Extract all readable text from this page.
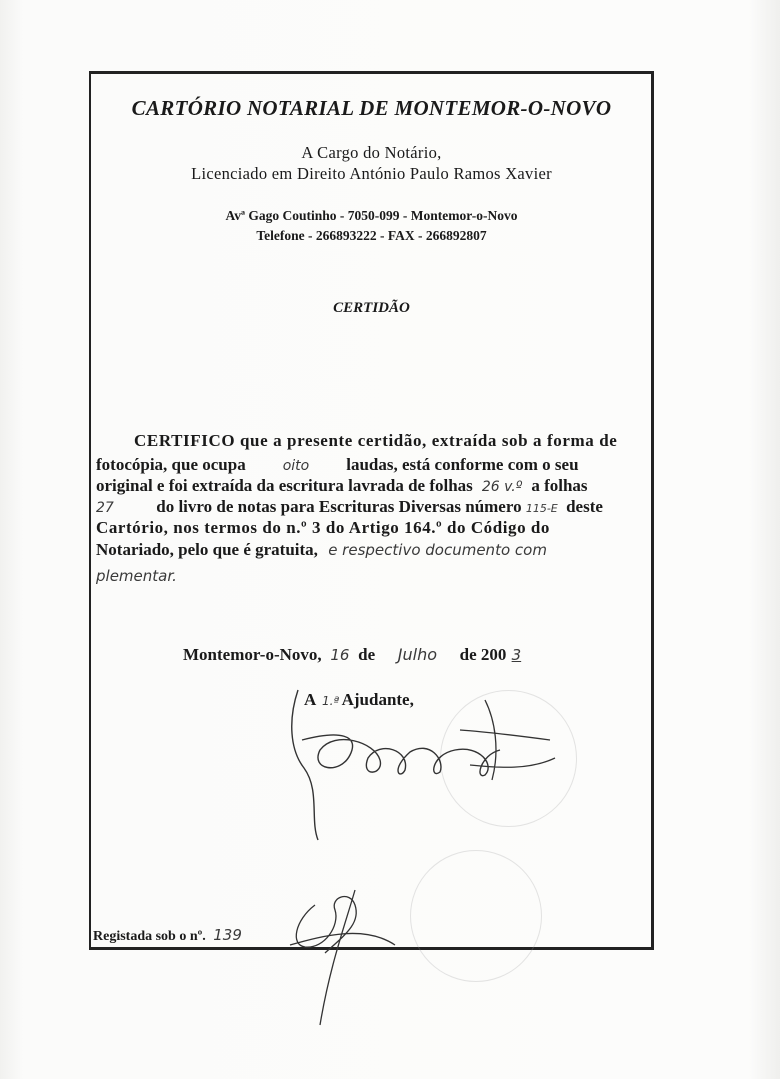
CARTÓRIO NOTARIAL DE MONTEMOR-O-NOVO
A Cargo do Notário,
Licenciado em Direito António Paulo Ramos Xavier
Avª Gago Coutinho - 7050-099 - Montemor-o-Novo
Telefone - 266893222 - FAX - 266892807
CERTIDÃO
CERTIFICO que a presente certidão, extraída sob a forma de
fotocópia, que ocupa	oito laudas, está conforme com o seu
original e foi extraída da escritura lavrada de folhas 26 v.º a folhas
27 do livro de notas para Escrituras Diversas número 115-E deste
Cartório, nos termos do n.º 3 do Artigo 164.º do Código do
Notariado, pelo que é gratuita, e respectivo documento com
plementar.
Montemor-o-Novo, 16 de Julho de 200 3
A 1.ª Ajudante,
Registada sob o nº. 139
